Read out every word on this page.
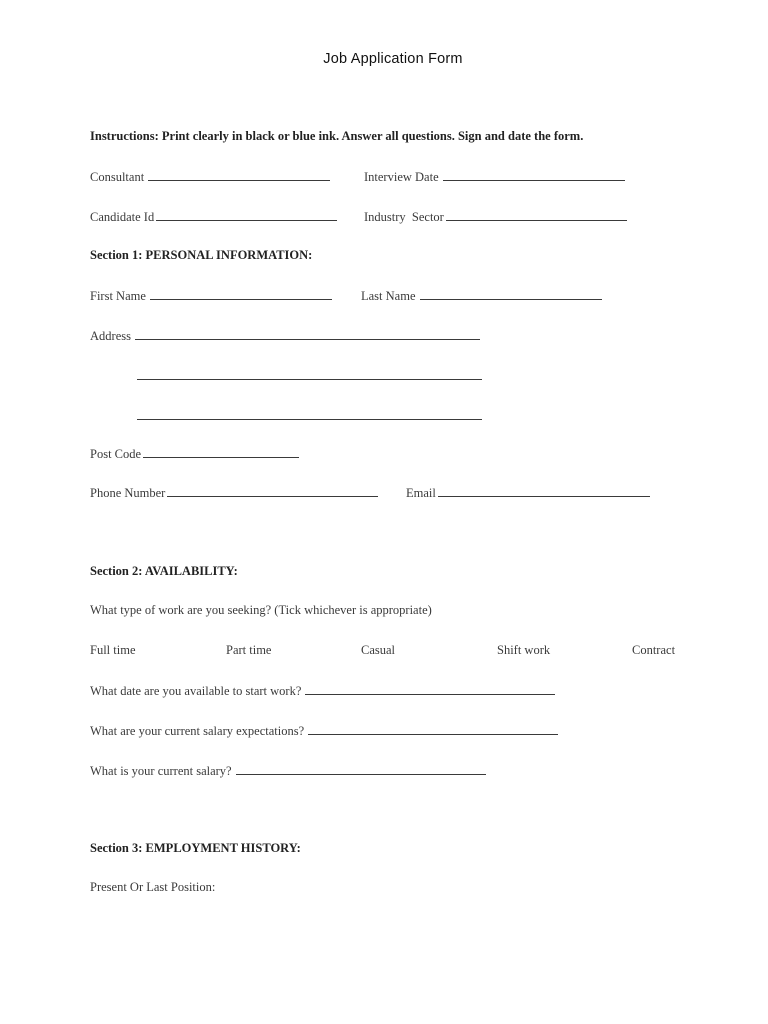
Job Application Form
Instructions: Print clearly in black or blue ink. Answer all questions. Sign and date the form.
Consultant	Interview Date
Candidate Id	Industry  Sector
Section 1: PERSONAL INFORMATION:
First Name	Last Name
Address
Post Code
Phone Number	Email
Section 2: AVAILABILITY:
What type of work are you seeking? (Tick whichever is appropriate)
Full time	Part time	Casual	Shift work	Contract
What date are you available to start work?
What are your current salary expectations?
What is your current salary?
Section 3: EMPLOYMENT HISTORY:
Present Or Last Position:
